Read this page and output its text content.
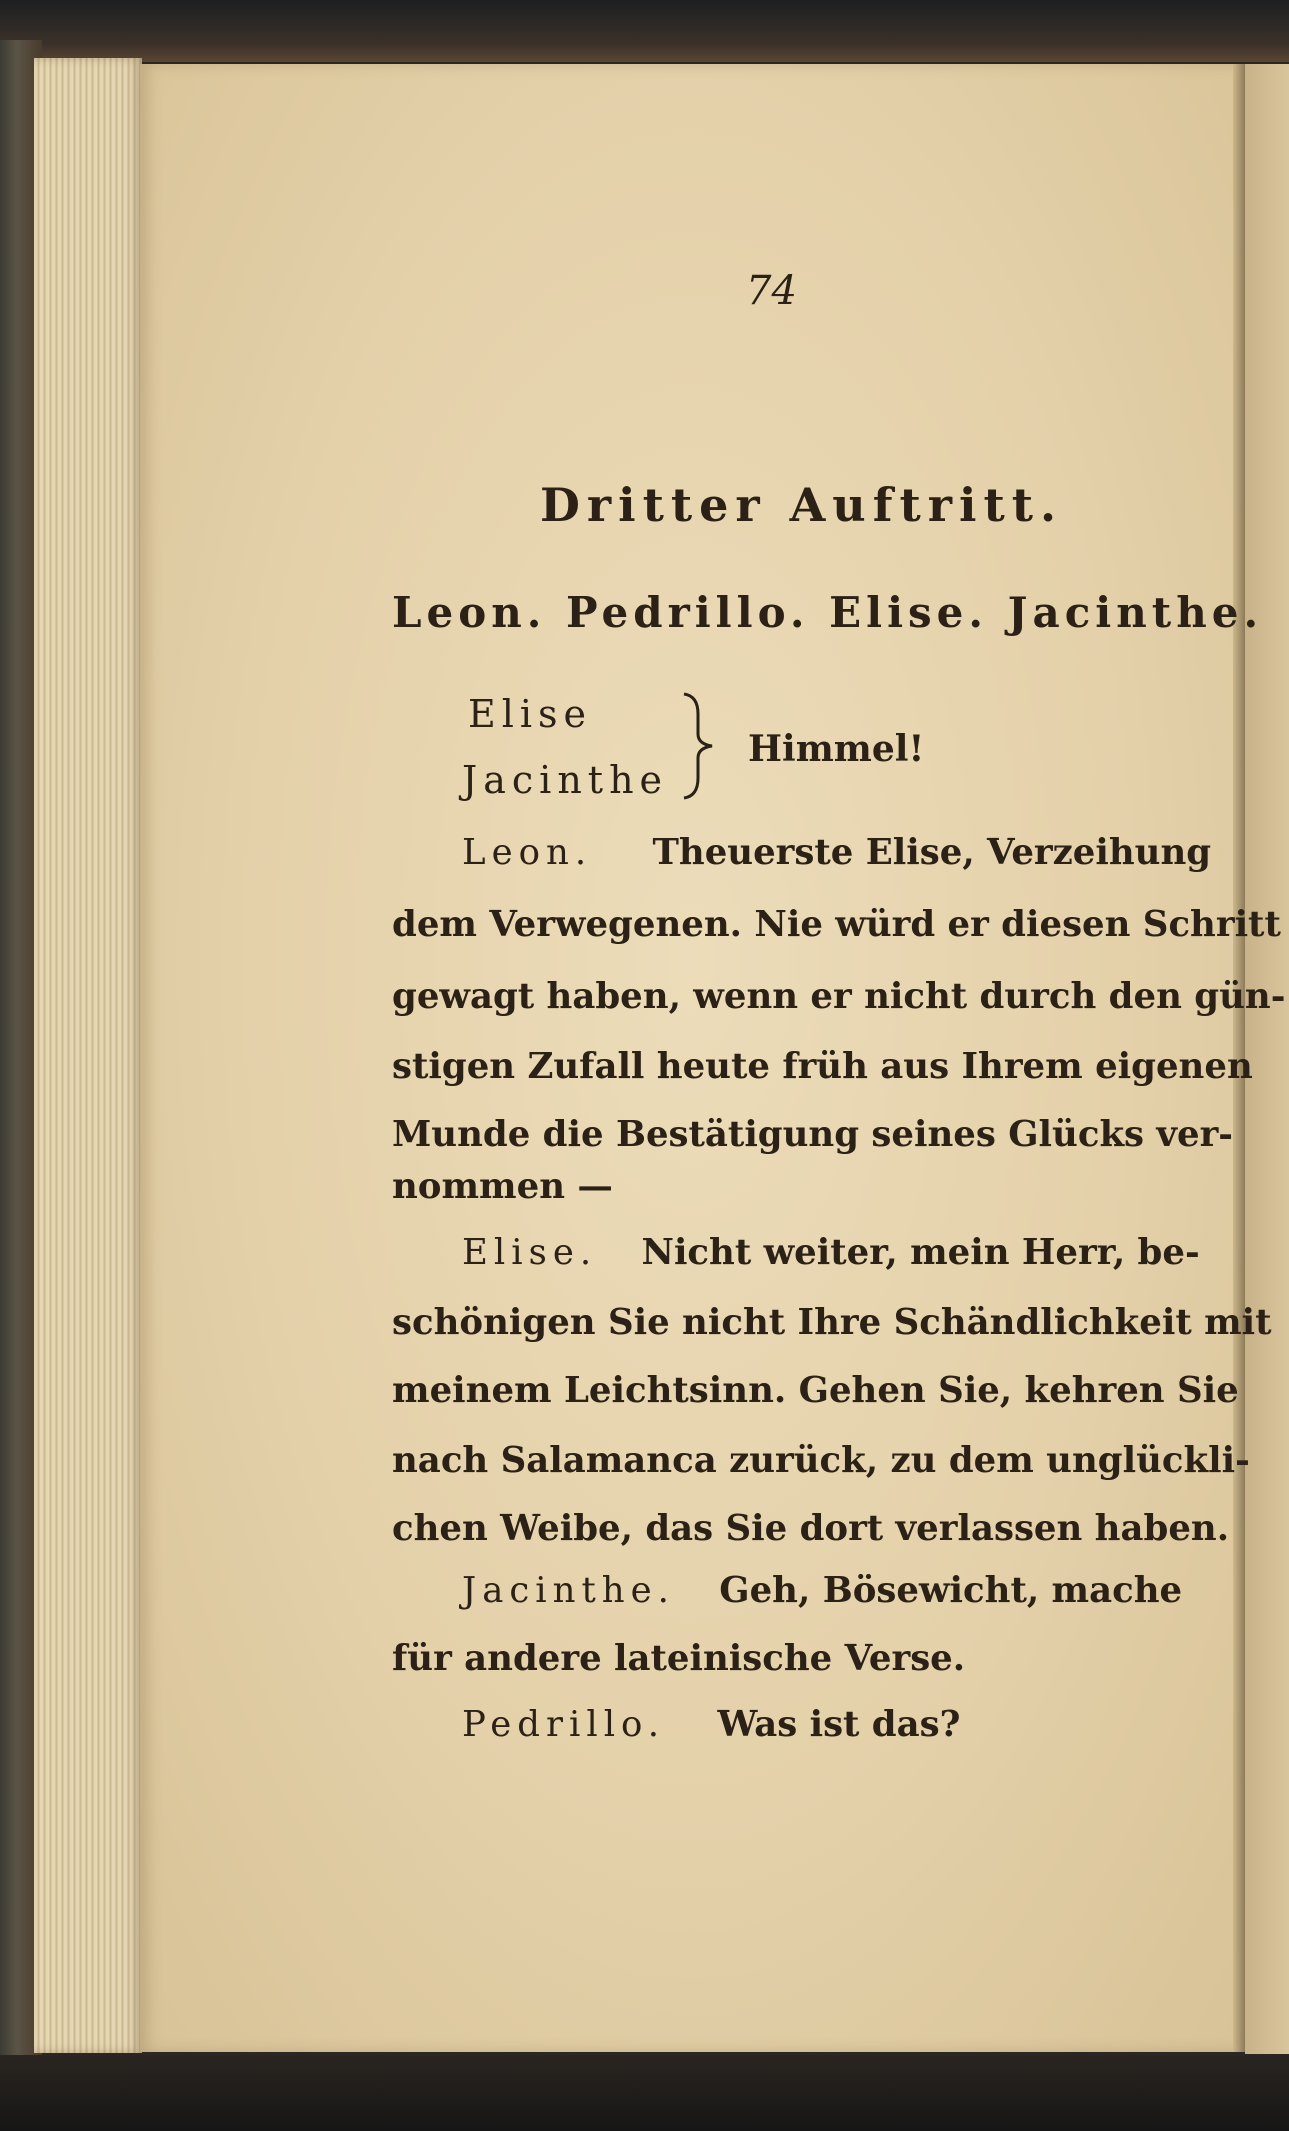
74
Dritter Auftritt.
Leon. Pedrillo. Elise. Jacinthe.
Elise
Jacinthe
Himmel!
Leon. Theuerste Elise, Verzeihung
dem Verwegenen. Nie würd er diesen Schritt
gewagt haben, wenn er nicht durch den gün-
stigen Zufall heute früh aus Ihrem eigenen
Munde die Bestätigung seines Glücks ver-
nommen —
Elise. Nicht weiter, mein Herr, be-
schönigen Sie nicht Ihre Schändlichkeit mit
meinem Leichtsinn. Gehen Sie, kehren Sie
nach Salamanca zurück, zu dem unglückli-
chen Weibe, das Sie dort verlassen haben.
Jacinthe. Geh, Bösewicht, mache
für andere lateinische Verse.
Pedrillo. Was ist das?
